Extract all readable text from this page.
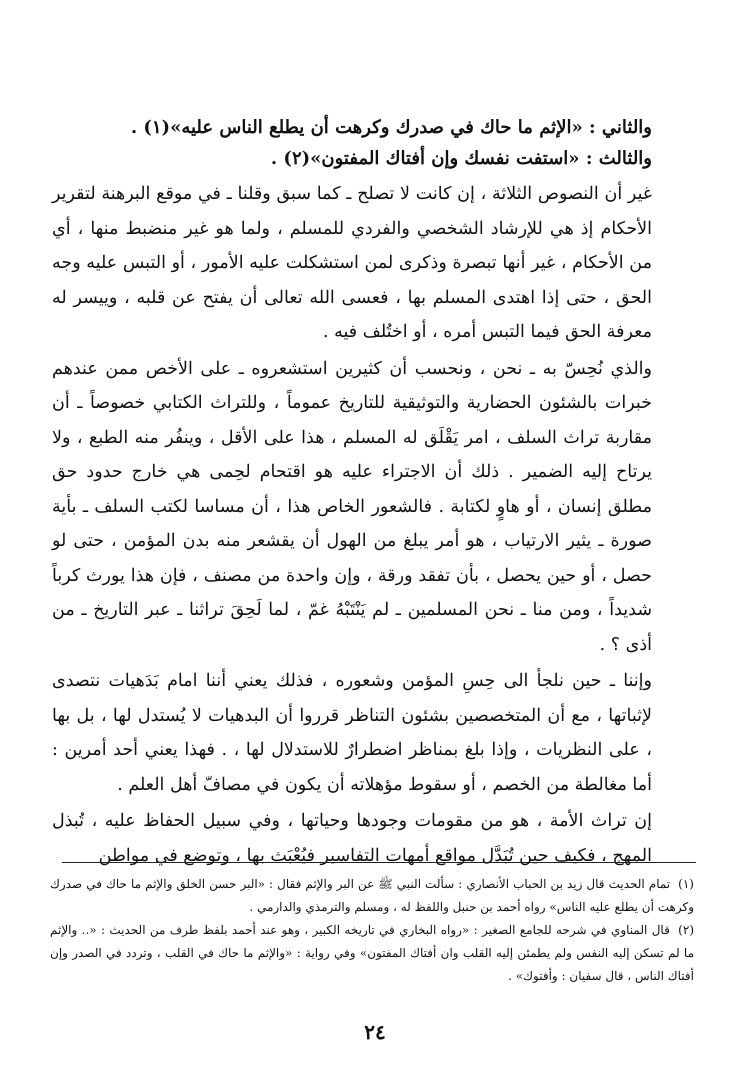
والثاني : «الإثم ما حاك في صدرك وكرهت أن يطلع الناس عليه»(١) .
والثالث : «استفت نفسك وإن أفتاك المفتون»(٢) .

غير أن النصوص الثلاثة ، إن كانت لا تصلح ـ كما سبق وقلنا ـ في موقع البرهنة لتقرير الأحكام إذ هي للإرشاد الشخصي والفردي للمسلم ، ولما هو غير منضبط منها ، أي من الأحكام ، غير أنها تبصرة وذكرى لمن استشكلت عليه الأمور ، أو التبس عليه وجه الحق ، حتى إذا اهتدى المسلم بها ، فعسى الله تعالى أن يفتح عن قلبه ، وييسر له معرفة الحق فيما التبس أمره ، أو اختُلف فيه .

والذي نُحِسّ به ـ نحن ، ونحسب أن كثيرين استشعروه ـ على الأخص ممن عندهم خبرات بالشئون الحضارية والتوثيقية للتاريخ عموماً ، وللتراث الكتابي خصوصاً ـ أن مقاربة تراث السلف ، امر يَقْلَق له المسلم ، هذا على الأقل ، وينفُر منه الطبع ، ولا يرتاح إليه الضمير . ذلك أن الاجتراء عليه هو اقتحام لحِمى هي خارج حدود حق مطلق إنسان ، أو هاوٍ لكتابة . فالشعور الخاص هذا ، أن مساسا لكتب السلف ـ بأية صورة ـ يثير الارتياب ، هو أمر يبلغ من الهول أن يقشعر منه بدن المؤمن ، حتى لو حصل ، أو حين يحصل ، بأن تفقد ورقة ، وإن واحدة من مصنف ، فإن هذا يورث كرباً شديداً ، ومن منا ـ نحن المسلمين ـ لم يَنْتَبْهُ غمّ ، لما لَحِقَ تراثنا ـ عبر التاريخ ـ من أذى ؟ .

وإننا ـ حين نلجأ الى حِسِ المؤمن وشعوره ، فذلك يعني أننا امام بَدَهيات نتصدى لإثباتها ، مع أن المتخصصين بشئون التناظر قرروا أن البدهيات لا يُستدل لها ، بل بها ، على النظريات ، وإذا بلغ بمناظر اضطرارٌ للاستدلال لها ، . فهذا يعني أحد أمرين : أما مغالطة من الخصم ، أو سقوط مؤهلاته أن يكون في مصافّ أهل العلم .

إن تراث الأمة ، هو من مقومات وجودها وحياتها ، وفي سبيل الحفاظ عليه ، تُبذل المهج ، فكيف حين تُبَدَّل مواقع أمهات التفاسير فيُعْبَث بها ، وتوضع في مواطن

(١) تمام الحديث قال زيد بن الحباب الأنصاري : سألت النبي ﷺ عن البر والإثم فقال : «البر حسن الخلق والإثم ما حاك في صدرك وكرهت أن يطلع عليه الناس» رواه أحمد بن حنبل واللفظ له ، ومسلم والترمذي والدارمي .

(٢) قال المناوي في شرحه للجامع الصغير : «رواه البخاري في تاريخه الكبير ، وهو عند أحمد بلفظ طرف من الحديث : «.. والإثم ما لم تسكن إليه النفس ولم يطمئن إليه القلب وان أفتاك المفتون» وفي رواية : «والإثم ما حاك في القلب ، وتردد في الصدر وإن أفتاك الناس ، قال سفيان : وأفتوك» .

٢٤
